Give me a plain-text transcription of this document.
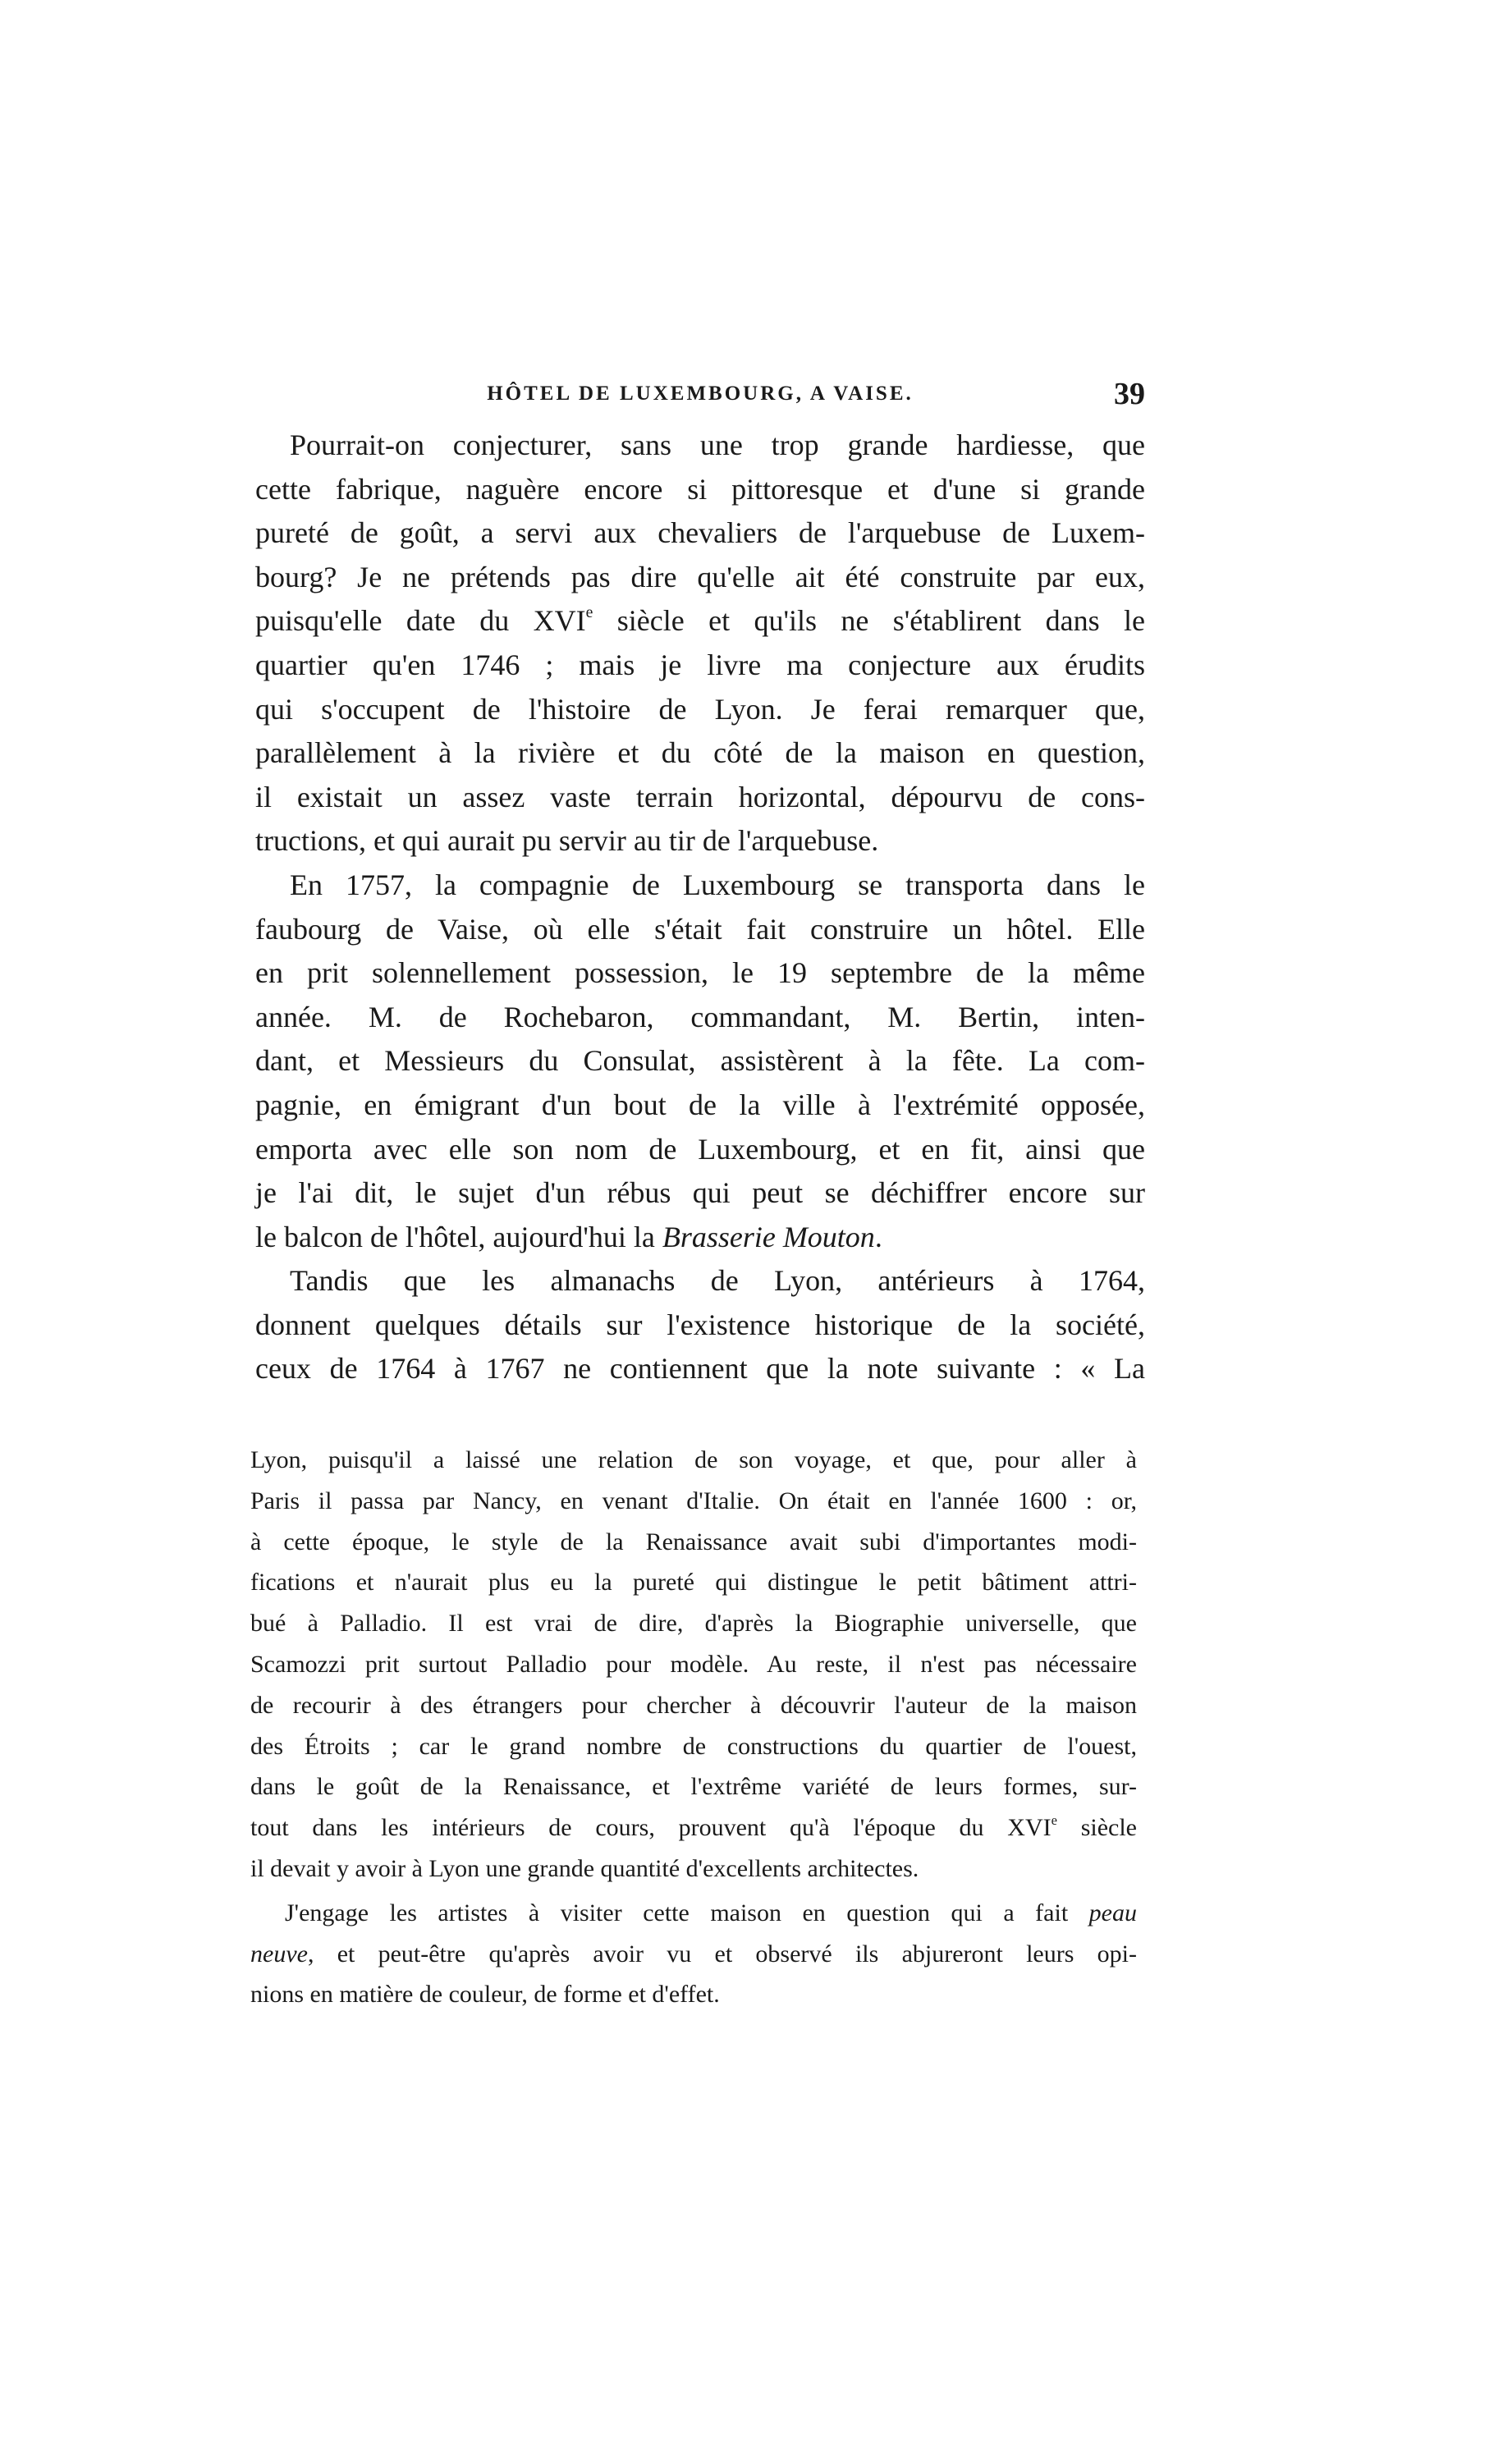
HÔTEL DE LUXEMBOURG, A VAISE.	39
Pourrait-on conjecturer, sans une trop grande hardiesse, que
cette fabrique, naguère encore si pittoresque et d'une si grande
pureté de goût, a servi aux chevaliers de l'arquebuse de Luxem-
bourg? Je ne prétends pas dire qu'elle ait été construite par eux,
puisqu'elle date du XVIe siècle et qu'ils ne s'établirent dans le
quartier qu'en 1746 ; mais je livre ma conjecture aux érudits
qui s'occupent de l'histoire de Lyon. Je ferai remarquer que,
parallèlement à la rivière et du côté de la maison en question,
il existait un assez vaste terrain horizontal, dépourvu de cons-
tructions, et qui aurait pu servir au tir de l'arquebuse.
En 1757, la compagnie de Luxembourg se transporta dans le
faubourg de Vaise, où elle s'était fait construire un hôtel. Elle
en prit solennellement possession, le 19 septembre de la même
année. M. de Rochebaron, commandant, M. Bertin, inten-
dant, et Messieurs du Consulat, assistèrent à la fête. La com-
pagnie, en émigrant d'un bout de la ville à l'extrémité opposée,
emporta avec elle son nom de Luxembourg, et en fit, ainsi que
je l'ai dit, le sujet d'un rébus qui peut se déchiffrer encore sur
le balcon de l'hôtel, aujourd'hui la Brasserie Mouton.
Tandis que les almanachs de Lyon, antérieurs à 1764,
donnent quelques détails sur l'existence historique de la société,
ceux de 1764 à 1767 ne contiennent que la note suivante : « La
Lyon, puisqu'il a laissé une relation de son voyage, et que, pour aller à
Paris il passa par Nancy, en venant d'Italie. On était en l'année 1600 : or,
à cette époque, le style de la Renaissance avait subi d'importantes modi-
fications et n'aurait plus eu la pureté qui distingue le petit bâtiment attri-
bué à Palladio. Il est vrai de dire, d'après la Biographie universelle, que
Scamozzi prit surtout Palladio pour modèle. Au reste, il n'est pas nécessaire
de recourir à des étrangers pour chercher à découvrir l'auteur de la maison
des Étroits ; car le grand nombre de constructions du quartier de l'ouest,
dans le goût de la Renaissance, et l'extrême variété de leurs formes, sur-
tout dans les intérieurs de cours, prouvent qu'à l'époque du XVIe siècle
il devait y avoir à Lyon une grande quantité d'excellents architectes.
J'engage les artistes à visiter cette maison en question qui a fait peau
neuve, et peut-être qu'après avoir vu et observé ils abjureront leurs opi-
nions en matière de couleur, de forme et d'effet.
